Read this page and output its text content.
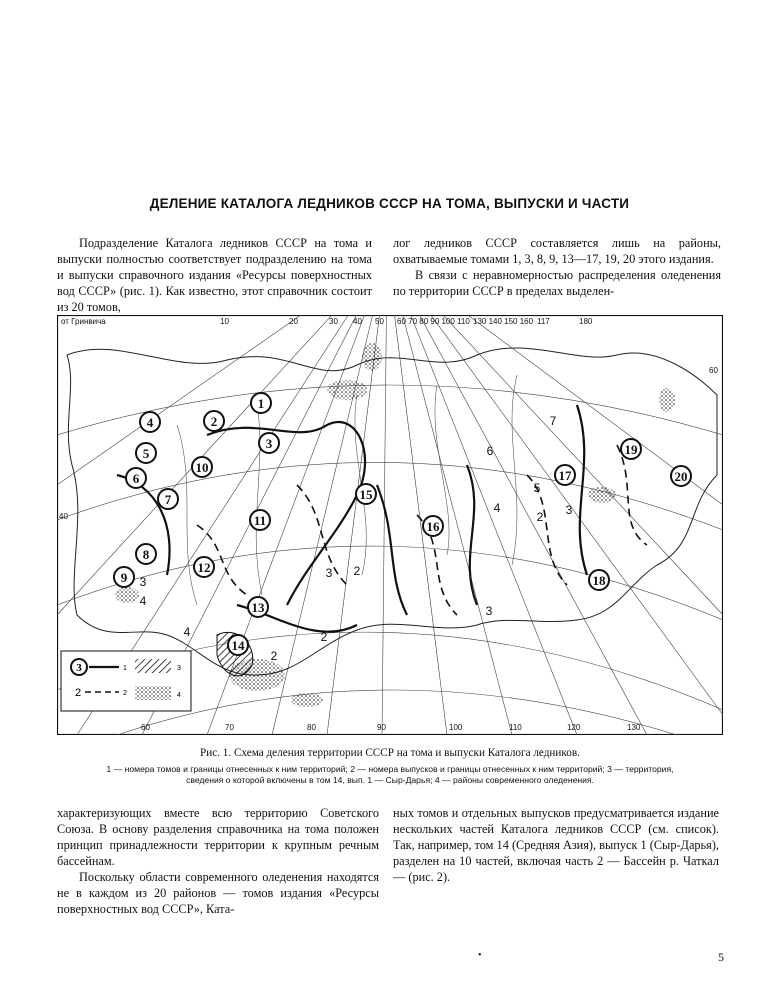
ДЕЛЕНИЕ КАТАЛОГА ЛЕДНИКОВ СССР НА ТОМА, ВЫПУСКИ И ЧАСТИ

Подразделение Каталога ледников СССР на тома и выпуски полностью соответствует подразделению на тома и выпуски справочного издания «Ресурсы поверхностных вод СССР» (рис. 1). Как известно, этот справочник состоит из 20 томов,

лог ледников СССР составляется лишь на районы, охватываемые томами 1, 3, 8, 9, 13—17, 19, 20 этого издания.

В связи с неравномерностью распределения оледенения по территории СССР в пределах выделен-

от Гринвича	10	20	30 40 50 60 70 80 90 100 110 130 140 150 160 117	180
60	70	80	90	100	110	120	130
60
40
1
2
3
4
5
6
7
8
9
10
11
12
13
14
15
16
17
18
19
20
6
7
4
2 3
5
3 2
3
2
2
4
3
4
3	1
2	2
3
4
Рис. 1. Схема деления территории СССР на тома и выпуски Каталога ледников.
1 — номера томов и границы отнесенных к ним территорий; 2 — номера выпусков и границы отнесенных к ним территорий; 3 — территория,
сведения о которой включены в том 14, вып. 1 — Сыр-Дарья; 4 — районы современного оледенения.

характеризующих вместе всю территорию Советского Союза. В основу разделения справочника на тома положен принцип принадлежности территории к крупным речным бассейнам.

Поскольку области современного оледенения находятся не в каждом из 20 районов — томов издания «Ресурсы поверхностных вод СССР», Ката-

ных томов и отдельных выпусков предусматривается издание нескольких частей Каталога ледников СССР (см. список). Так, например, том 14 (Средняя Азия), выпуск 1 (Сыр-Дарья), разделен на 10 частей, включая часть 2 — Бассейн р. Чаткал — (рис. 2).

•	5
